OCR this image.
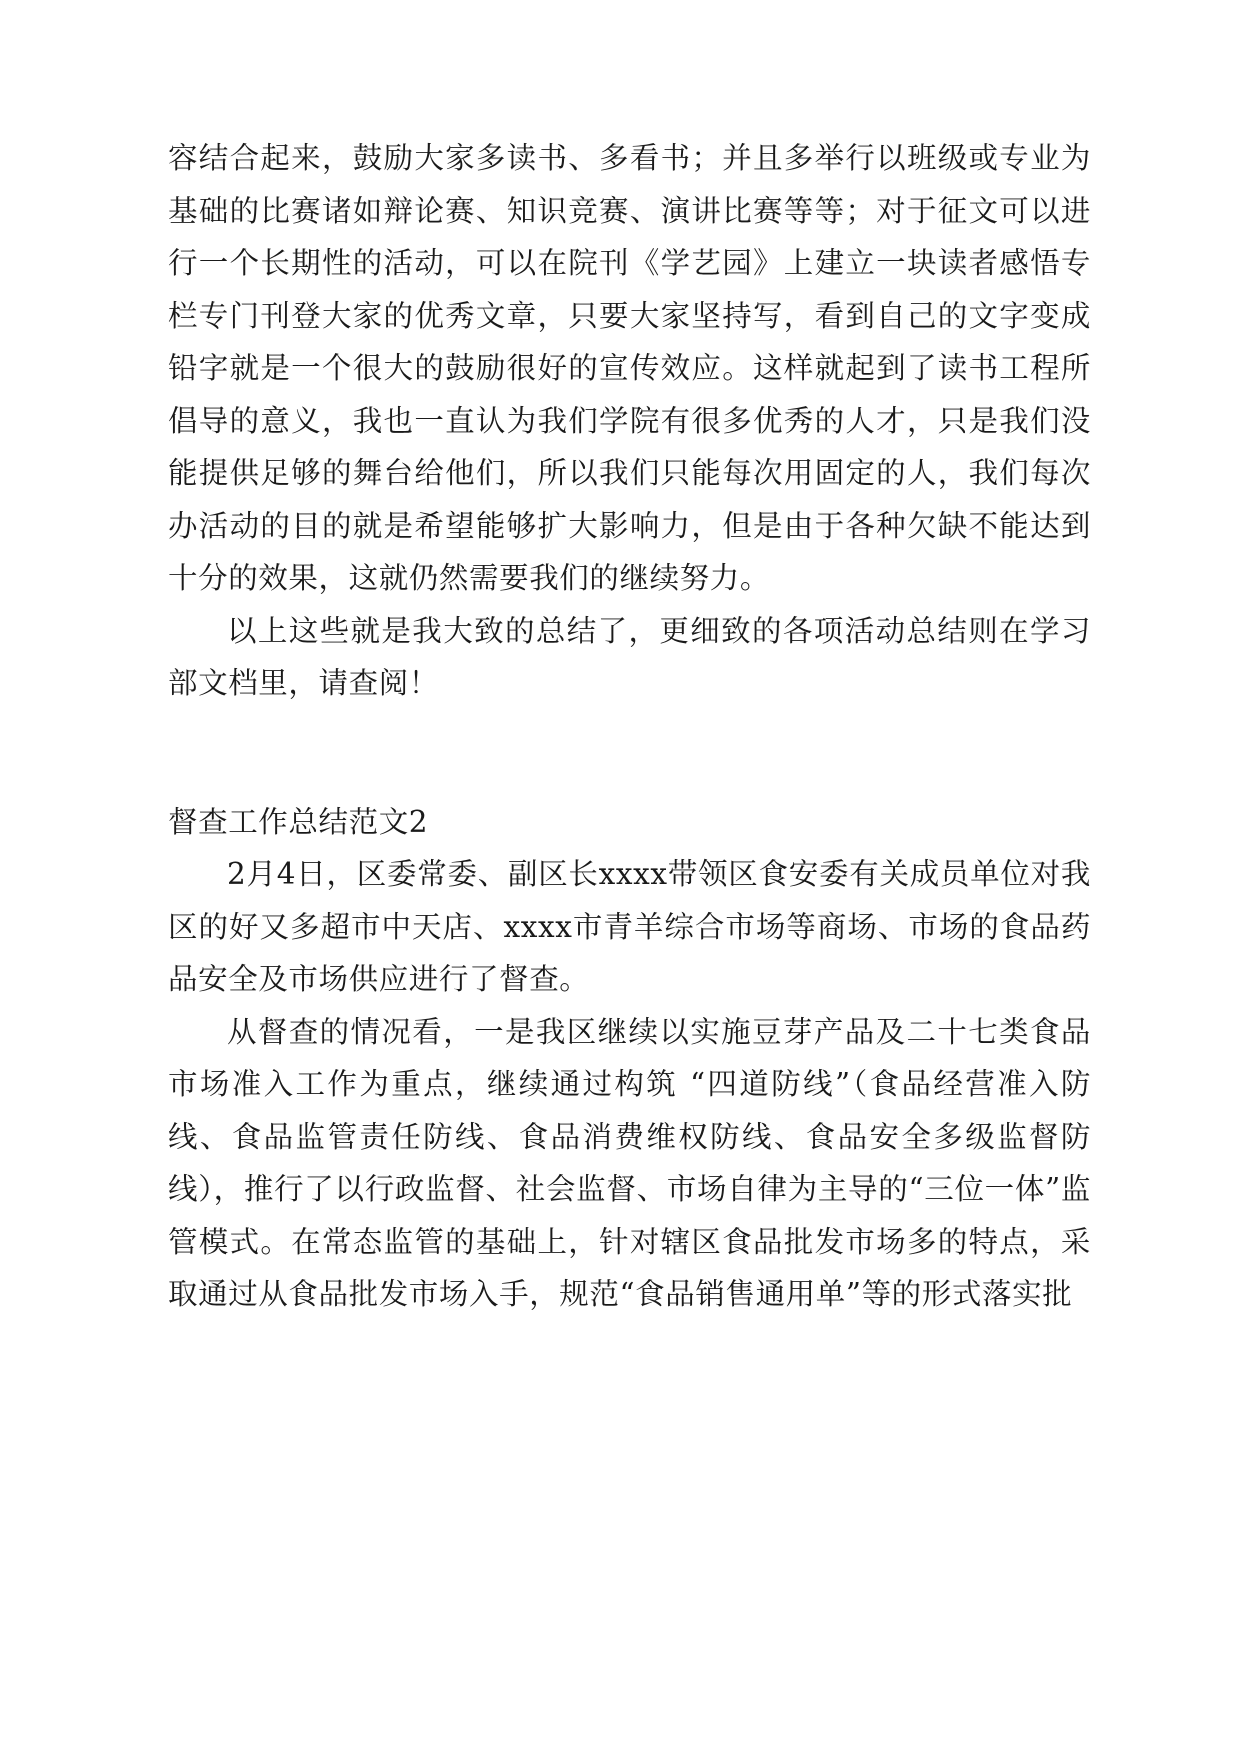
容结合起来，鼓励大家多读书、多看书；并且多举行以班级或专业为基础的比赛诸如辩论赛、知识竞赛、演讲比赛等等；对于征文可以进行一个长期性的活动，可以在院刊《学艺园》上建立一块读者感悟专栏专门刊登大家的优秀文章，只要大家坚持写，看到自己的文字变成铅字就是一个很大的鼓励很好的宣传效应。这样就起到了读书工程所倡导的意义，我也一直认为我们学院有很多优秀的人才，只是我们没能提供足够的舞台给他们，所以我们只能每次用固定的人，我们每次办活动的目的就是希望能够扩大影响力，但是由于各种欠缺不能达到十分的效果，这就仍然需要我们的继续努力。

以上这些就是我大致的总结了，更细致的各项活动总结则在学习部文档里，请查阅！

督查工作总结范文2

2月4日，区委常委、副区长xxxx带领区食安委有关成员单位对我区的好又多超市中天店、xxxx市青羊综合市场等商场、市场的食品药品安全及市场供应进行了督查。

从督查的情况看，一是我区继续以实施豆芽产品及二十七类食品市场准入工作为重点，继续通过构筑 “四道防线”（食品经营准入防线、食品监管责任防线、食品消费维权防线、食品安全多级监督防线），推行了以行政监督、社会监督、市场自律为主导的“三位一体”监管模式。在常态监管的基础上，针对辖区食品批发市场多的特点，采取通过从食品批发市场入手，规范“食品销售通用单”等的形式落实批
